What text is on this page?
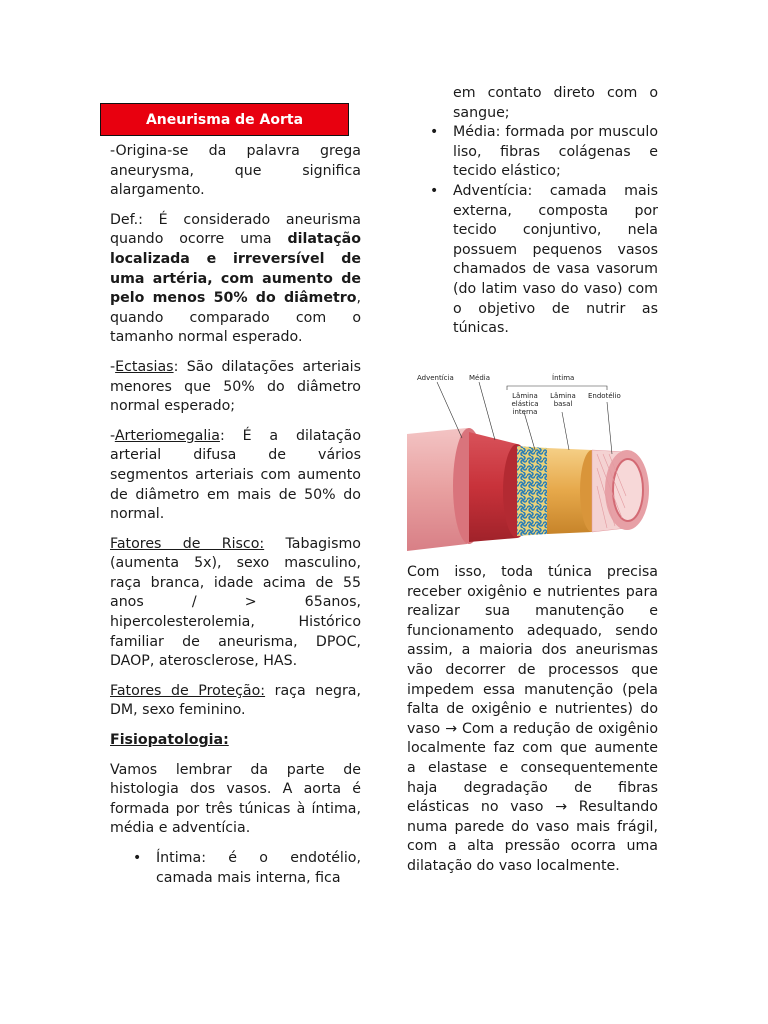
Aneurisma de Aorta

-Origina-se da palavra grega aneurysma, que significa alargamento.

Def.: É considerado aneurisma quando ocorre uma dilatação localizada e irreversível de uma artéria, com aumento de pelo menos 50% do diâmetro, quando comparado com o tamanho normal esperado.

-Ectasias: São dilatações arteriais menores que 50% do diâmetro normal esperado;

-Arteriomegalia: É a dilatação arterial difusa de vários segmentos arteriais com aumento de diâmetro em mais de 50% do normal.

Fatores de Risco: Tabagismo (aumenta 5x), sexo masculino, raça branca, idade acima de 55 anos / > 65anos, hipercolesterolemia, Histórico familiar de aneurisma, DPOC, DAOP, aterosclerose, HAS.

Fatores de Proteção: raça negra, DM, sexo feminino.

Fisiopatologia:

Vamos lembrar da parte de histologia dos vasos. A aorta é formada por três túnicas à íntima, média e adventícia.

• Íntima: é o endotélio, camada mais interna, fica
em contato direto com o sangue;
• Média: formada por musculo liso, fibras colágenas e tecido elástico;
• Adventícia: camada mais externa, composta por tecido conjuntivo, nela possuem pequenos vasos chamados de vasa vasorum (do latim vaso do vaso) com o objetivo de nutrir as túnicas.
Adventícia Média	Íntima
Lâmina elástica interna
Lâmina basal
Endotélio

Com isso, toda túnica precisa receber oxigênio e nutrientes para realizar sua manutenção e funcionamento adequado, sendo assim, a maioria dos aneurismas vão decorrer de processos que impedem essa manutenção (pela falta de oxigênio e nutrientes) do vaso → Com a redução de oxigênio localmente faz com que aumente a elastase e consequentemente haja degradação de fibras elásticas no vaso → Resultando numa parede do vaso mais frágil, com a alta pressão ocorra uma dilatação do vaso localmente.
